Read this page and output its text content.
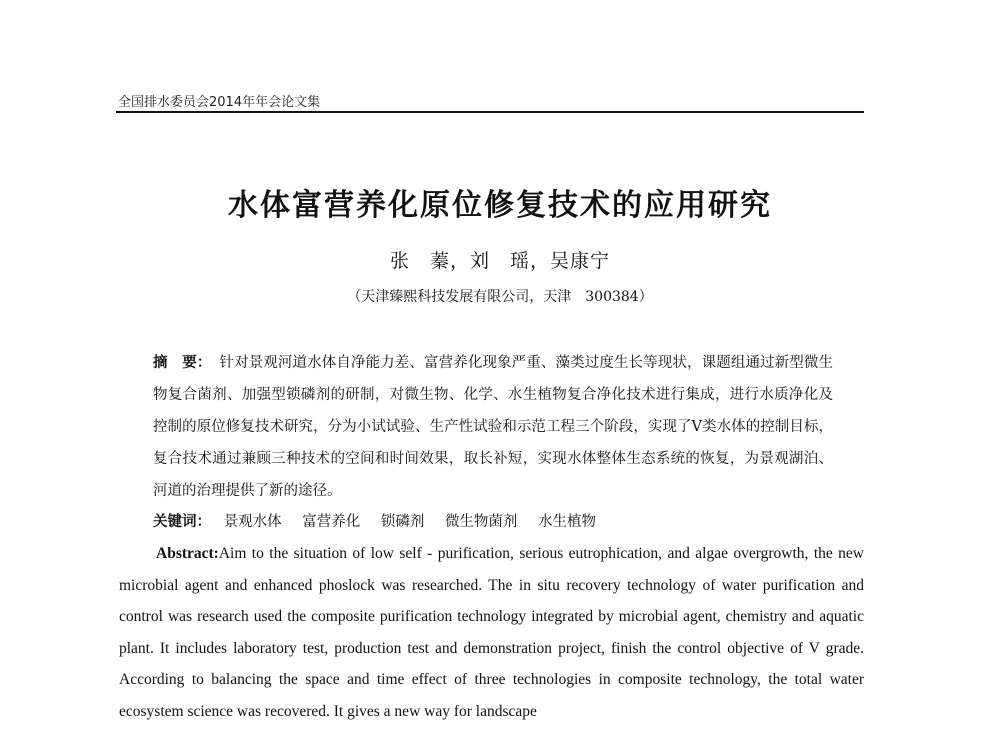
全国排水委员会2014年年会论文集
水体富营养化原位修复技术的应用研究
张　蓁，刘　瑶，吴康宁
（天津臻熙科技发展有限公司，天津　300384）
摘　要： 针对景观河道水体自净能力差、富营养化现象严重、藻类过度生长等现状，课题组通过新型微生物复合菌剂、加强型锁磷剂的研制，对微生物、化学、水生植物复合净化技术进行集成，进行水质净化及控制的原位修复技术研究，分为小试试验、生产性试验和示范工程三个阶段，实现了V类水体的控制目标，复合技术通过兼顾三种技术的空间和时间效果，取长补短，实现水体整体生态系统的恢复，为景观湖泊、河道的治理提供了新的途径。
关键词： 景观水体 富营养化 锁磷剂 微生物菌剂 水生植物
Abstract:Aim to the situation of low self - purification, serious eutrophication, and algae overgrowth, the new microbial agent and enhanced phoslock was researched. The in situ recovery technology of water purification and control was research used the composite purification technology integrated by microbial agent, chemistry and aquatic plant. It includes laboratory test, production test and demonstration project, finish the control objective of V grade. According to balancing the space and time effect of three technologies in composite technology, the total water ecosystem science was recovered. It gives a new way for landscape
